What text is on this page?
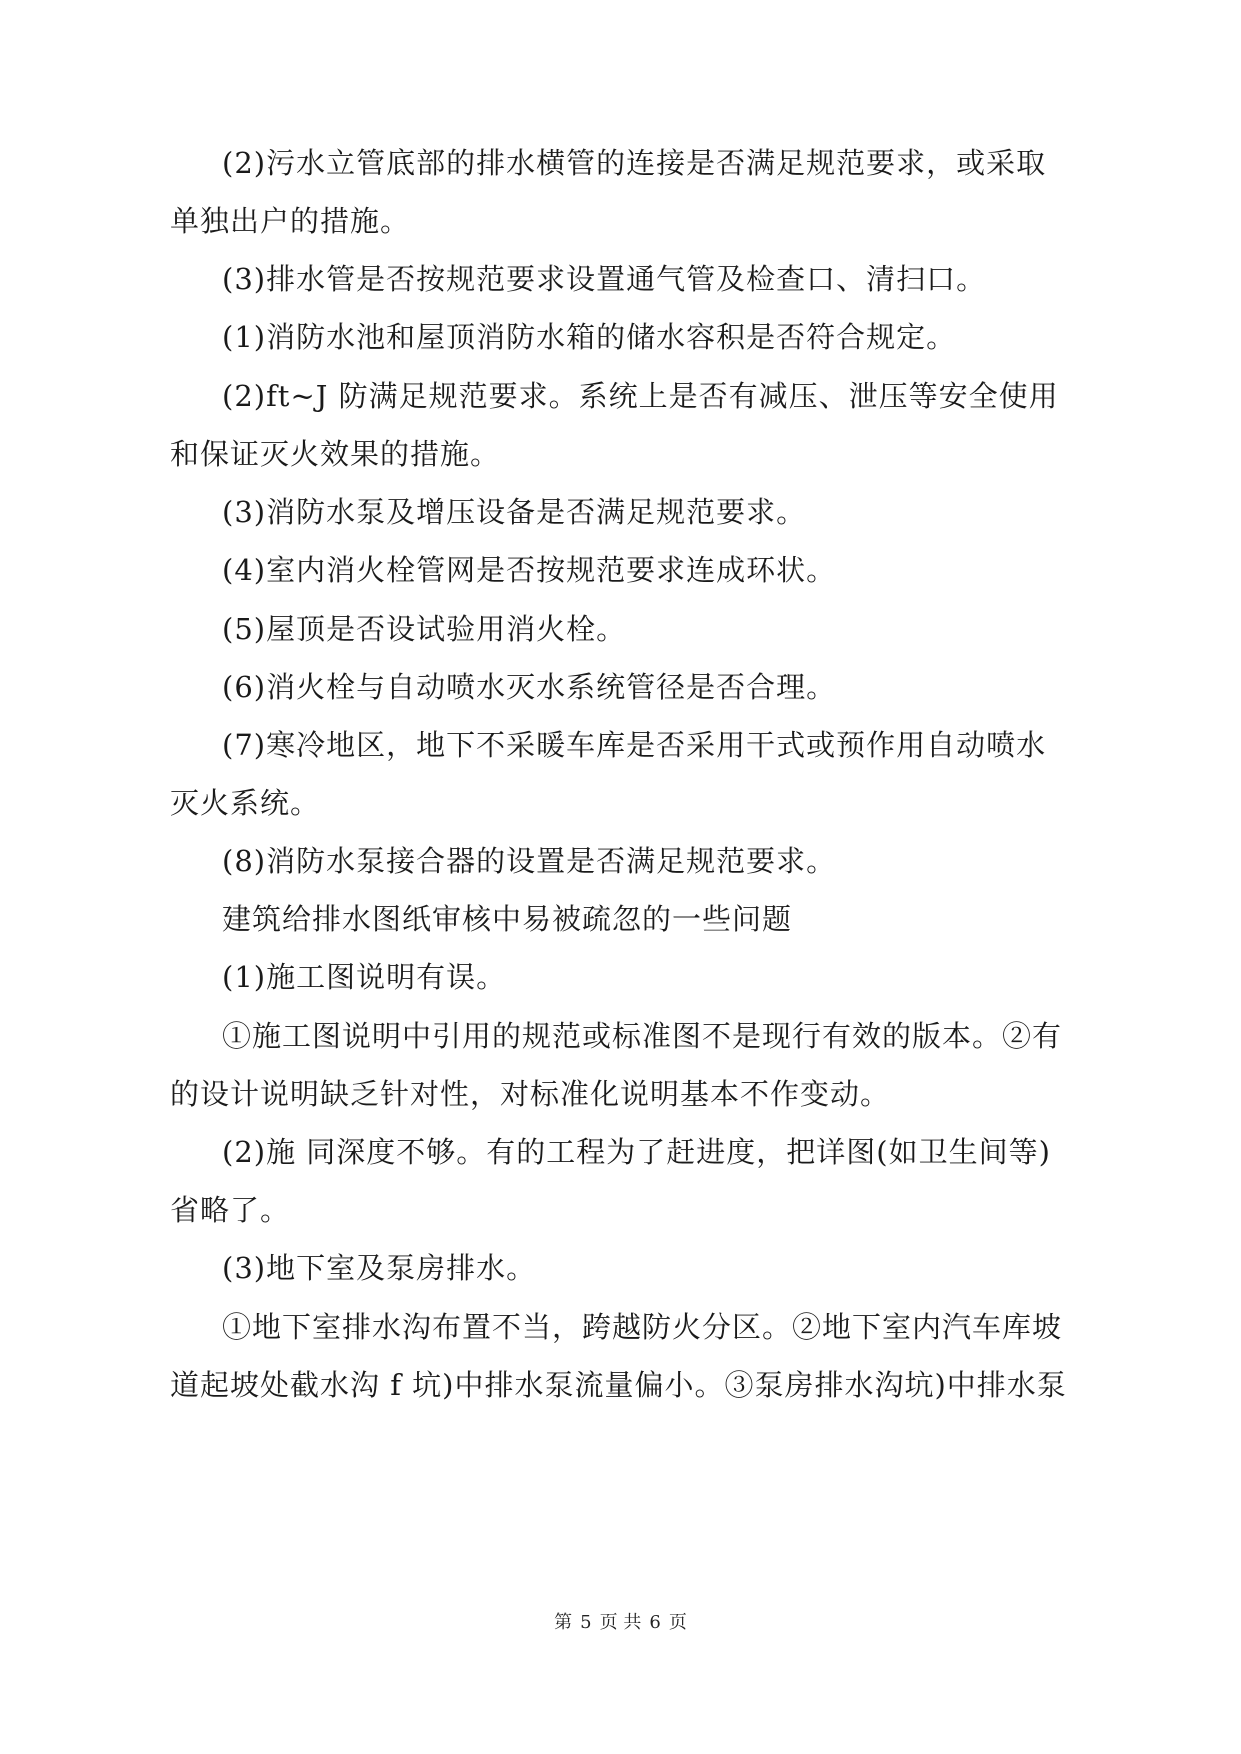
(2)污水立管底部的排水横管的连接是否满足规范要求，或采取
单独出户的措施。
(3)排水管是否按规范要求设置通气管及检查口、清扫口。
(1)消防水池和屋顶消防水箱的储水容积是否符合规定。
(2)ft~J 防满足规范要求。系统上是否有减压、泄压等安全使用
和保证灭火效果的措施。
(3)消防水泵及增压设备是否满足规范要求。
(4)室内消火栓管网是否按规范要求连成环状。
(5)屋顶是否设试验用消火栓。
(6)消火栓与自动喷水灭水系统管径是否合理。
(7)寒冷地区，地下不采暖车库是否采用干式或预作用自动喷水
灭火系统。
(8)消防水泵接合器的设置是否满足规范要求。
建筑给排水图纸审核中易被疏忽的一些问题
(1)施工图说明有误。
①施工图说明中引用的规范或标准图不是现行有效的版本。②有
的设计说明缺乏针对性，对标准化说明基本不作变动。
(2)施 同深度不够。有的工程为了赶进度，把详图(如卫生间等)
省略了。
(3)地下室及泵房排水。
①地下室排水沟布置不当，跨越防火分区。②地下室内汽车库坡
道起坡处截水沟 f 坑)中排水泵流量偏小。③泵房排水沟坑)中排水泵
第 5 页 共 6 页
